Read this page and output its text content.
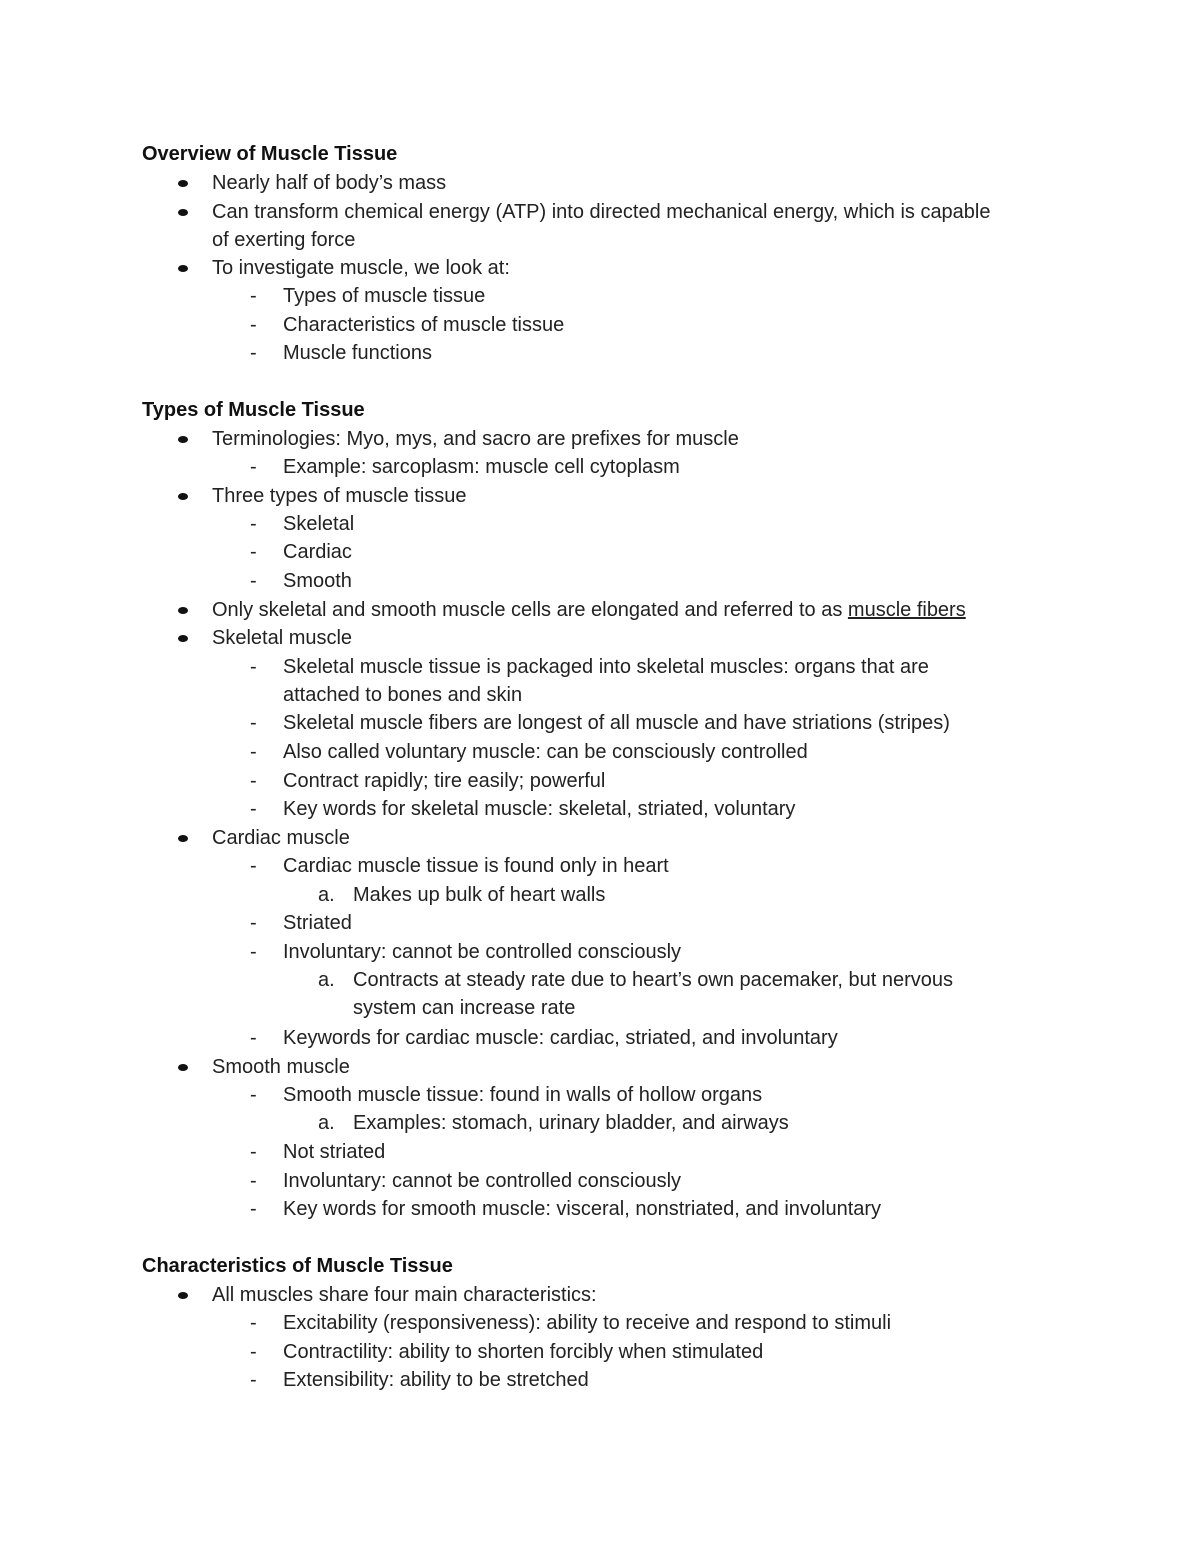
Overview of Muscle Tissue
Nearly half of body’s mass
Can transform chemical energy (ATP) into directed mechanical energy, which is capable
of exerting force
To investigate muscle, we look at:
- Types of muscle tissue
- Characteristics of muscle tissue
- Muscle functions
Types of Muscle Tissue
Terminologies: Myo, mys, and sacro are prefixes for muscle
- Example: sarcoplasm: muscle cell cytoplasm
Three types of muscle tissue
- Skeletal
- Cardiac
- Smooth
Only skeletal and smooth muscle cells are elongated and referred to as muscle fibers
Skeletal muscle
- Skeletal muscle tissue is packaged into skeletal muscles: organs that are
attached to bones and skin
- Skeletal muscle fibers are longest of all muscle and have striations (stripes)
- Also called voluntary muscle: can be consciously controlled
- Contract rapidly; tire easily; powerful
- Key words for skeletal muscle: skeletal, striated, voluntary
Cardiac muscle
- Cardiac muscle tissue is found only in heart
a. Makes up bulk of heart walls
- Striated
- Involuntary: cannot be controlled consciously
a. Contracts at steady rate due to heart’s own pacemaker, but nervous
system can increase rate
- Keywords for cardiac muscle: cardiac, striated, and involuntary
Smooth muscle
- Smooth muscle tissue: found in walls of hollow organs
a. Examples: stomach, urinary bladder, and airways
- Not striated
- Involuntary: cannot be controlled consciously
- Key words for smooth muscle: visceral, nonstriated, and involuntary
Characteristics of Muscle Tissue
All muscles share four main characteristics:
- Excitability (responsiveness): ability to receive and respond to stimuli
- Contractility: ability to shorten forcibly when stimulated
- Extensibility: ability to be stretched
